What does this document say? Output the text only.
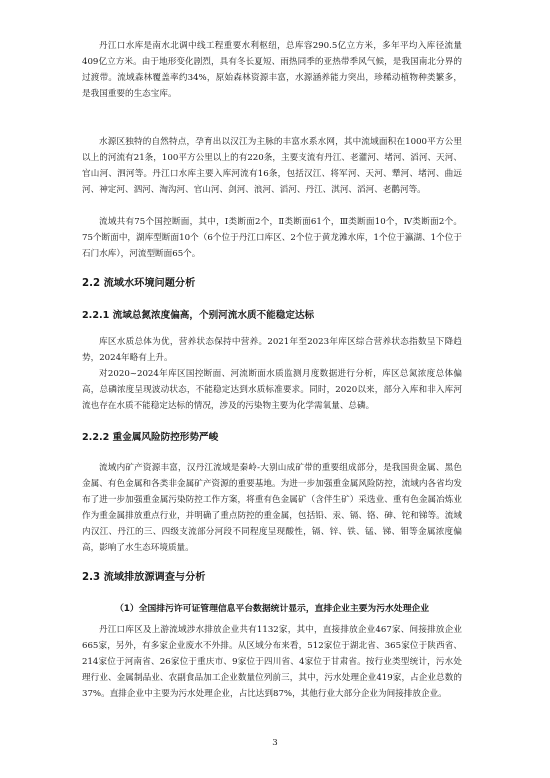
丹江口水库是南水北调中线工程重要水利枢纽，总库容290.5亿立方米，多年平均入库径流量409亿立方米。由于地形变化剧烈，具有冬长夏短、雨热同季的亚热带季风气候，是我国南北分界的过渡带。流域森林覆盖率约34%，原始森林资源丰富，水源涵养能力突出，珍稀动植物种类繁多，是我国重要的生态宝库。

水源区独特的自然特点，孕育出以汉江为主脉的丰富水系水网，其中流域面积在1000平方公里以上的河流有21条，100平方公里以上的有220条，主要支流有丹江、老灌河、堵河、滔河、天河、官山河、泗河等。丹江口水库主要入库河流有16条，包括汉江、将军河、天河、犟河、堵河、曲远河、神定河、泗河、淘沟河、官山河、剑河、浪河、滔河、丹江、淇河、滔河、老鹳河等。

流域共有75个国控断面，其中，Ⅰ类断面2个，Ⅱ类断面61个，Ⅲ类断面10个，Ⅳ类断面2个。75个断面中，湖库型断面10个（6个位于丹江口库区、2个位于黄龙滩水库，1个位于瀛湖、1个位于石门水库），河流型断面65个。

2.2 流域水环境问题分析
2.2.1 流域总氮浓度偏高，个别河流水质不能稳定达标

库区水质总体为优，营养状态保持中营养。2021年至2023年库区综合营养状态指数呈下降趋势，2024年略有上升。

对2020~2024年库区国控断面、河流断面水质监测月度数据进行分析，库区总氮浓度总体偏高，总磷浓度呈现波动状态，不能稳定达到水质标准要求。同时，2020以来，部分入库和非入库河流也存在水质不能稳定达标的情况，涉及的污染物主要为化学需氧量、总磷。

2.2.2 重金属风险防控形势严峻

流域内矿产资源丰富，汉丹江流域是秦岭-大别山成矿带的重要组成部分，是我国贵金属、黑色金属、有色金属和各类非金属矿产资源的重要基地。为进一步加强重金属风险防控，流域内各省均发布了进一步加强重金属污染防控工作方案，将重有色金属矿（含伴生矿）采选业、重有色金属冶炼业作为重金属排放重点行业，并明确了重点防控的重金属，包括铅、汞、镉、铬、砷、铊和锑等。流域内汉江、丹江的三、四级支流部分河段不同程度呈现酸性，镉、锌、铁、锰、锑、钼等金属浓度偏高，影响了水生态环境质量。

2.3 流域排放源调查与分析

（1）全国排污许可证管理信息平台数据统计显示，直排企业主要为污水处理企业

丹江口库区及上游流域涉水排放企业共有1132家，其中，直接排放企业467家、间接排放企业665家，另外，有多家企业废水不外排。从区域分布来看，512家位于湖北省、365家位于陕西省、214家位于河南省、26家位于重庆市、9家位于四川省、4家位于甘肃省。按行业类型统计，污水处理行业、金属制品业、农副食品加工企业数量位列前三，其中，污水处理企业419家，占企业总数的37%。直排企业中主要为污水处理企业，占比达到87%，其他行业大部分企业为间接排放企业。

3
